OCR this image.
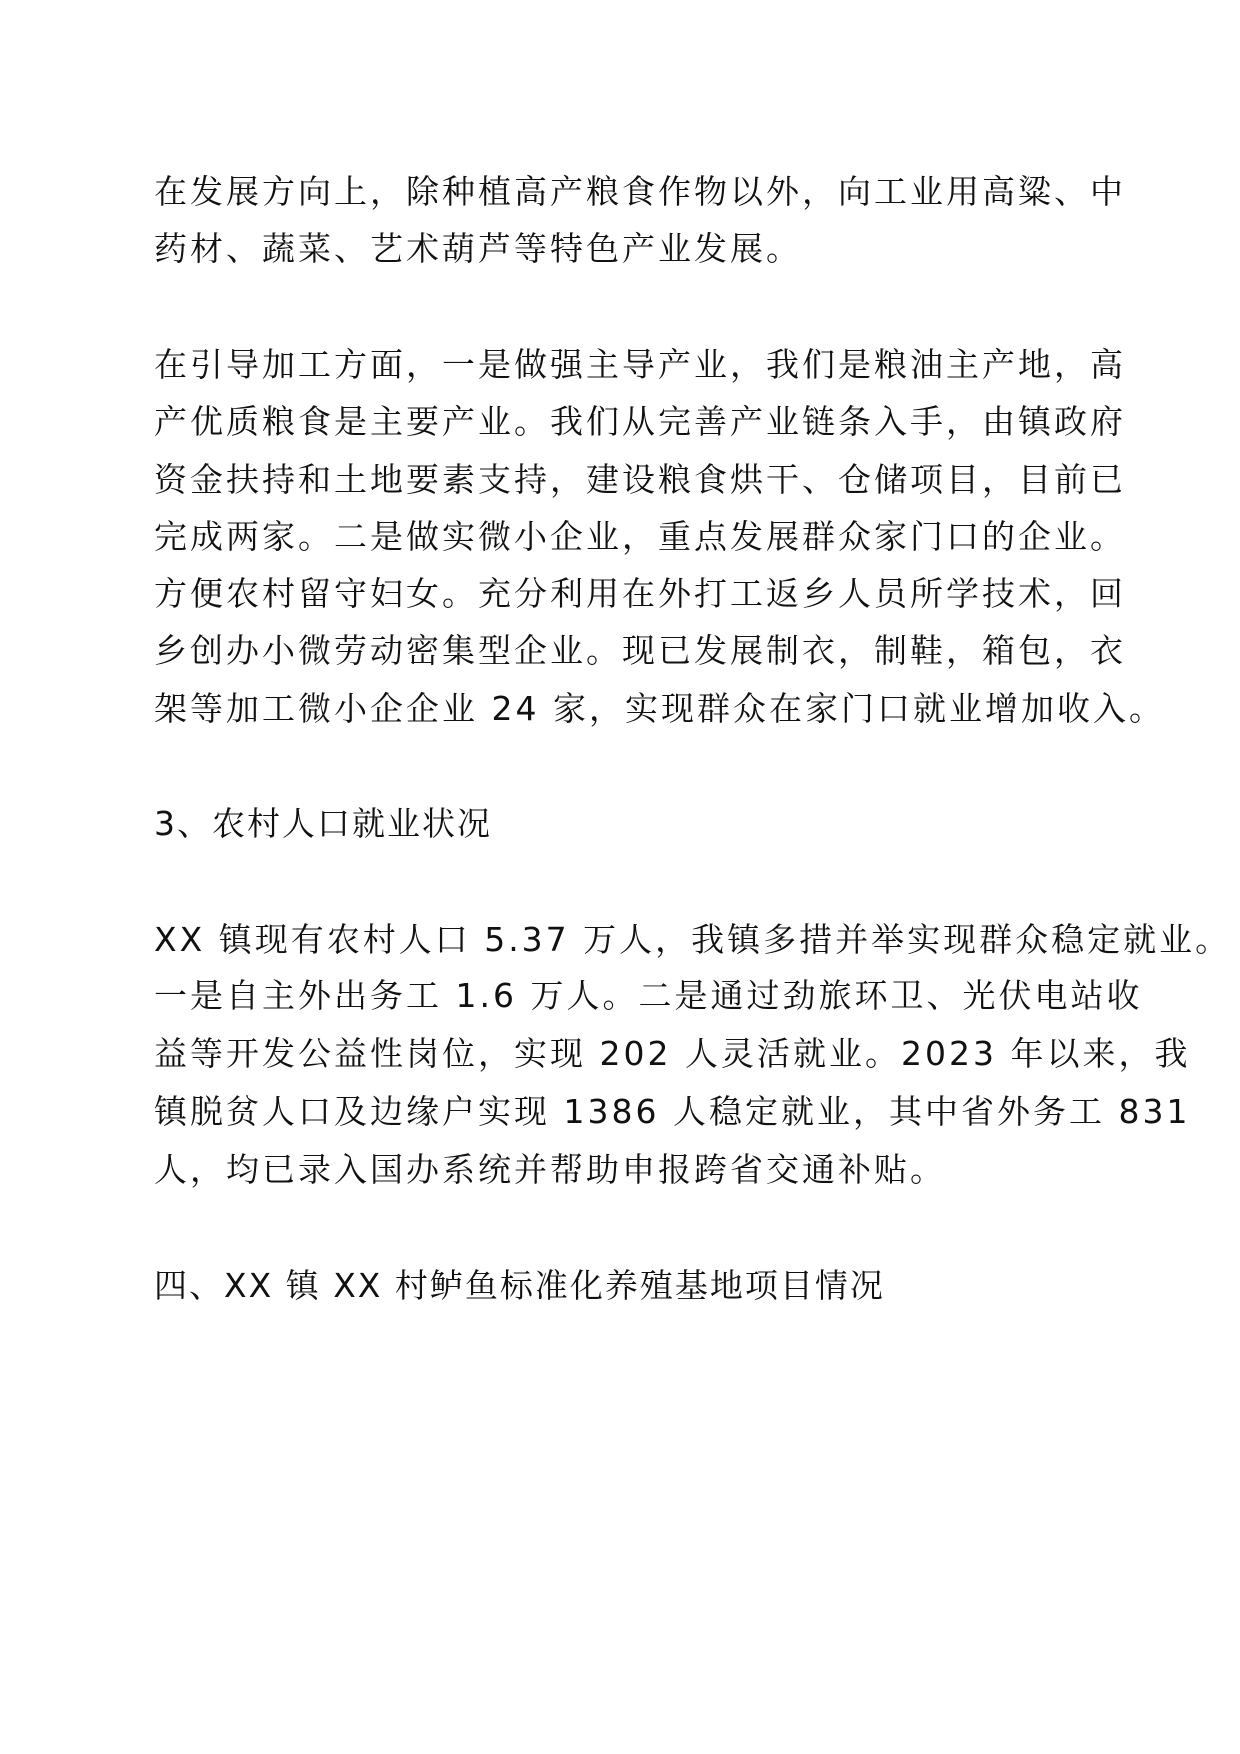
在发展方向上，除种植高产粮食作物以外，向工业用高粱、中
药材、蔬菜、艺术葫芦等特色产业发展。
在引导加工方面，一是做强主导产业，我们是粮油主产地，高
产优质粮食是主要产业。我们从完善产业链条入手，由镇政府
资金扶持和土地要素支持，建设粮食烘干、仓储项目，目前已
完成两家。二是做实微小企业，重点发展群众家门口的企业。
方便农村留守妇女。充分利用在外打工返乡人员所学技术，回
乡创办小微劳动密集型企业。现已发展制衣，制鞋，箱包，衣
架等加工微小企企业 24 家，实现群众在家门口就业增加收入。
3、农村人口就业状况
XX 镇现有农村人口 5.37 万人，我镇多措并举实现群众稳定就业。
一是自主外出务工 1.6 万人。二是通过劲旅环卫、光伏电站收
益等开发公益性岗位，实现 202 人灵活就业。2023 年以来，我
镇脱贫人口及边缘户实现 1386 人稳定就业，其中省外务工 831
人，均已录入国办系统并帮助申报跨省交通补贴。
四、XX 镇 XX 村鲈鱼标准化养殖基地项目情况
